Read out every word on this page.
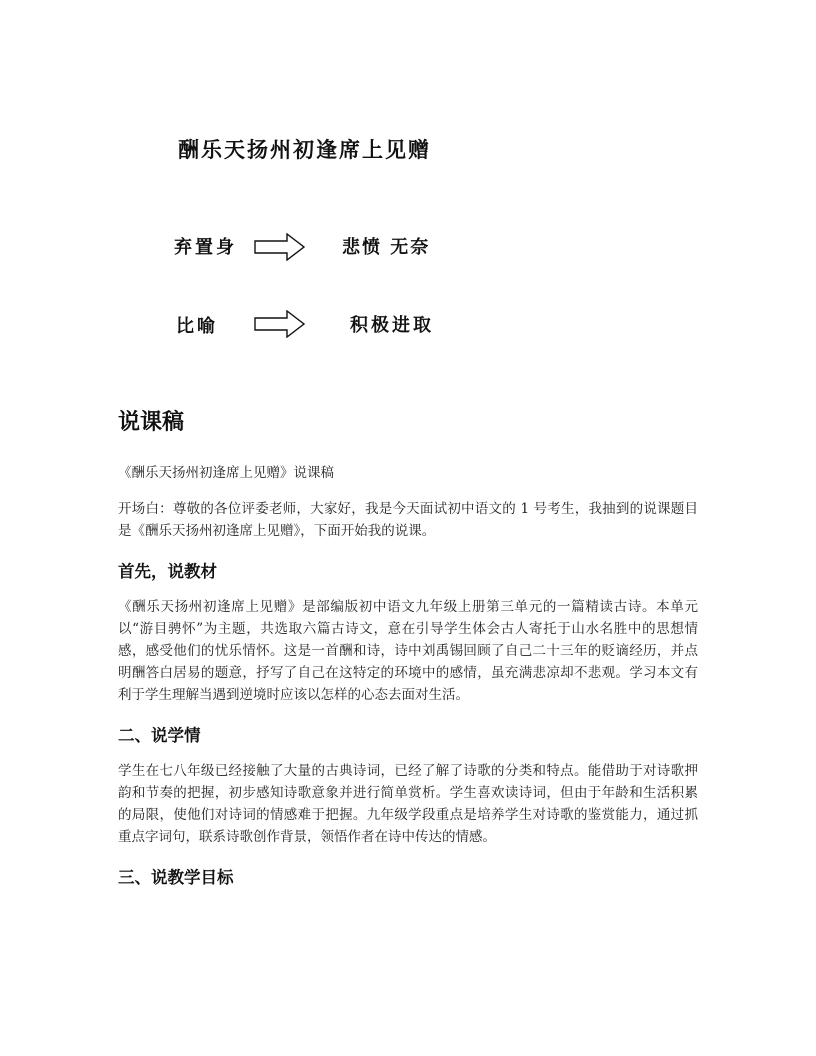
酬乐天扬州初逢席上见赠
弃置身	悲愤 无奈
比喻	积极进取
说课稿
《酬乐天扬州初逢席上见赠》说课稿

开场白：尊敬的各位评委老师，大家好，我是今天面试初中语文的 1 号考生，我抽到的说课题目是《酬乐天扬州初逢席上见赠》，下面开始我的说课。

首先，说教材

《酬乐天扬州初逢席上见赠》是部编版初中语文九年级上册第三单元的一篇精读古诗。本单元以“游目骋怀”为主题，共选取六篇古诗文，意在引导学生体会古人寄托于山水名胜中的思想情感，感受他们的忧乐情怀。这是一首酬和诗，诗中刘禹锡回顾了自己二十三年的贬谪经历，并点明酬答白居易的题意，抒写了自己在这特定的环境中的感情，虽充满悲凉却不悲观。学习本文有利于学生理解当遇到逆境时应该以怎样的心态去面对生活。

二、说学情

学生在七八年级已经接触了大量的古典诗词，已经了解了诗歌的分类和特点。能借助于对诗歌押韵和节奏的把握，初步感知诗歌意象并进行简单赏析。学生喜欢读诗词，但由于年龄和生活积累的局限，使他们对诗词的情感难于把握。九年级学段重点是培养学生对诗歌的鉴赏能力，通过抓重点字词句，联系诗歌创作背景，领悟作者在诗中传达的情感。

三、说教学目标
